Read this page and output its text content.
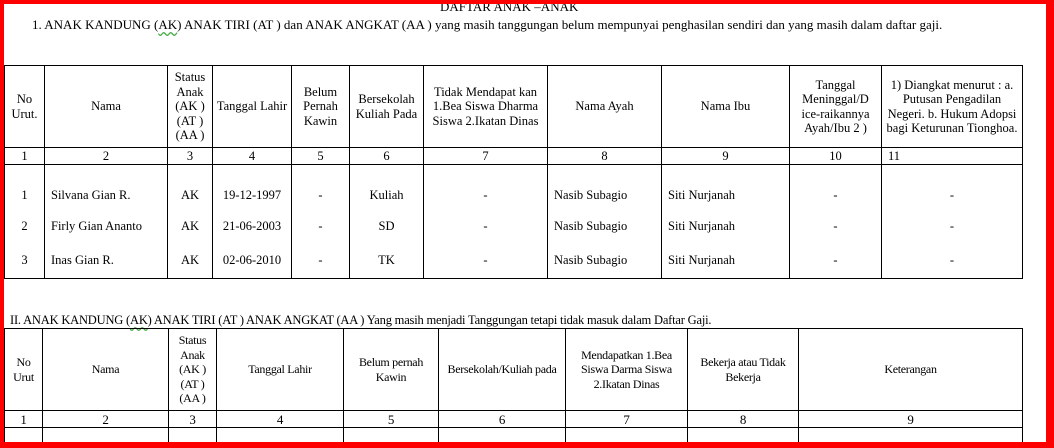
DAFTAR ANAK –ANAK
1. ANAK KANDUNG (AK) ANAK TIRI (AT ) dan ANAK ANGKAT (AA ) yang masih tanggungan belum mempunyai penghasilan sendiri dan yang masih dalam daftar gaji.
No Urut.	Nama	Status Anak (AK ) (AT ) (AA )	Tanggal Lahir	Belum Pernah Kawin	Bersekolah Kuliah Pada	Tidak Mendapat kan 1.Bea Siswa Dharma Siswa 2.Ikatan Dinas	Nama Ayah	Nama Ibu	Tanggal Meninggal/D ice-raikannya Ayah/Ibu 2 )	1) Diangkat menurut : a. Putusan Pengadilan Negeri. b. Hukum Adopsi bagi Keturunan Tionghoa.
1	2	3	4	5	6	7	8	9	10	11
1	Silvana Gian R.	AK	19-12-1997	-	Kuliah	-	Nasib Subagio	Siti Nurjanah	-	-
2	Firly Gian Ananto	AK	21-06-2003	-	SD	-	Nasib Subagio	Siti Nurjanah	-	-
3	Inas Gian R.	AK	02-06-2010	-	TK	-	Nasib Subagio	Siti Nurjanah	-	-
II. ANAK KANDUNG (AK) ANAK TIRI (AT ) ANAK ANGKAT (AA ) Yang masih menjadi Tanggungan tetapi tidak masuk dalam Daftar Gaji.
No Urut	Nama	Status Anak (AK ) (AT ) (AA )	Tanggal Lahir	Belum pernah Kawin	Bersekolah/Kuliah pada	Mendapatkan 1.Bea Siswa Darma Siswa 2.Ikatan Dinas	Bekerja atau Tidak Bekerja	Keterangan
1	2	3	4	5	6	7	8	9
